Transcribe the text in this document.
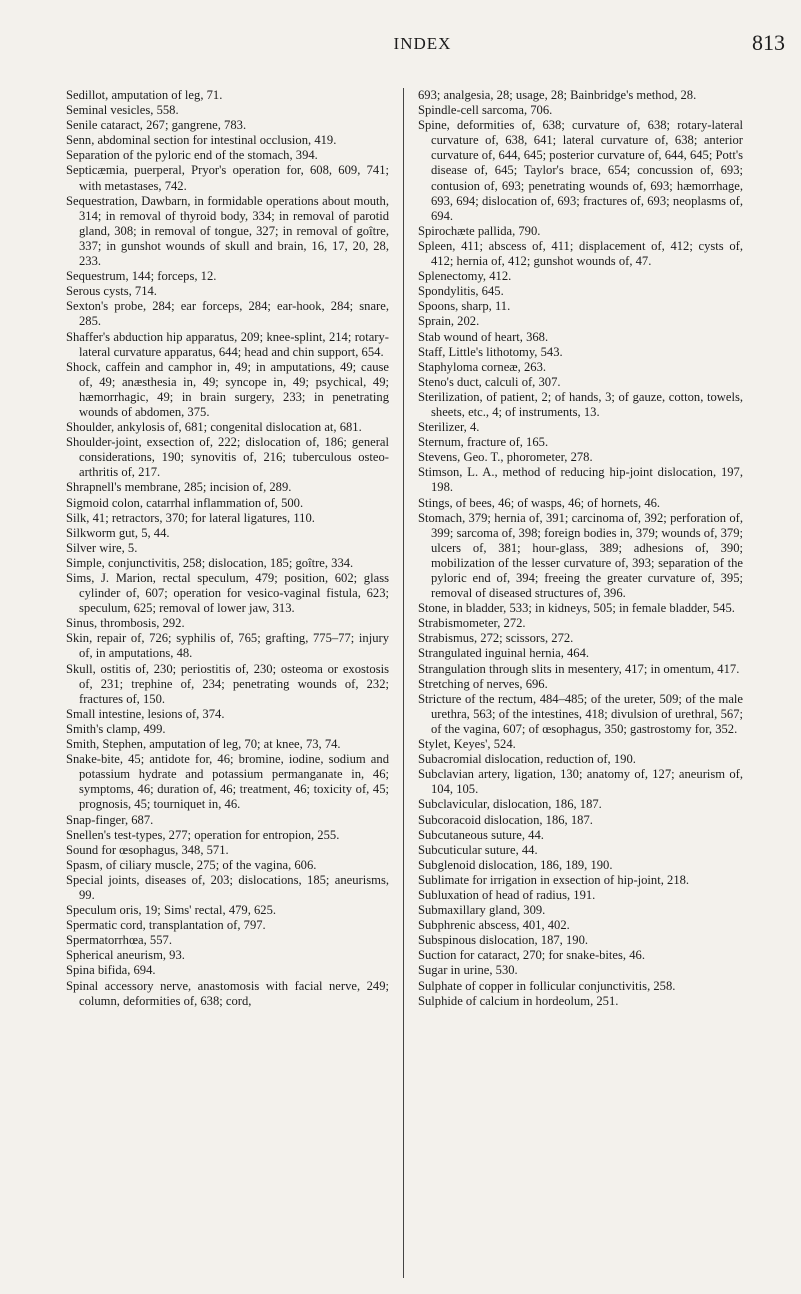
INDEX	813

Sedillot, amputation of leg, 71.

Seminal vesicles, 558.

Senile cataract, 267; gangrene, 783.

Senn, abdominal section for intestinal occlusion, 419.

Separation of the pyloric end of the stomach, 394.

Septicæmia, puerperal, Pryor's operation for, 608, 609, 741; with metastases, 742.

Sequestration, Dawbarn, in formidable operations about mouth, 314; in removal of thyroid body, 334; in removal of parotid gland, 308; in removal of tongue, 327; in removal of goître, 337; in gunshot wounds of skull and brain, 16, 17, 20, 28, 233.

Sequestrum, 144; forceps, 12.

Serous cysts, 714.

Sexton's probe, 284; ear forceps, 284; ear-hook, 284; snare, 285.

Shaffer's abduction hip apparatus, 209; knee-splint, 214; rotary-lateral curvature apparatus, 644; head and chin support, 654.

Shock, caffein and camphor in, 49; in amputations, 49; cause of, 49; anæsthesia in, 49; syncope in, 49; psychical, 49; hæmorrhagic, 49; in brain surgery, 233; in penetrating wounds of abdomen, 375.

Shoulder, ankylosis of, 681; congenital dislocation at, 681.

Shoulder-joint, exsection of, 222; dislocation of, 186; general considerations, 190; synovitis of, 216; tuberculous osteo-arthritis of, 217.

Shrapnell's membrane, 285; incision of, 289.

Sigmoid colon, catarrhal inflammation of, 500.

Silk, 41; retractors, 370; for lateral ligatures, 110.

Silkworm gut, 5, 44.

Silver wire, 5.

Simple, conjunctivitis, 258; dislocation, 185; goître, 334.

Sims, J. Marion, rectal speculum, 479; position, 602; glass cylinder of, 607; operation for vesico-vaginal fistula, 623; speculum, 625; removal of lower jaw, 313.

Sinus, thrombosis, 292.

Skin, repair of, 726; syphilis of, 765; grafting, 775–77; injury of, in amputations, 48.

Skull, ostitis of, 230; periostitis of, 230; osteoma or exostosis of, 231; trephine of, 234; penetrating wounds of, 232; fractures of, 150.

Small intestine, lesions of, 374.

Smith's clamp, 499.

Smith, Stephen, amputation of leg, 70; at knee, 73, 74.

Snake-bite, 45; antidote for, 46; bromine, iodine, sodium and potassium hydrate and potassium permanganate in, 46; symptoms, 46; duration of, 46; treatment, 46; toxicity of, 45; prognosis, 45; tourniquet in, 46.

Snap-finger, 687.

Snellen's test-types, 277; operation for entropion, 255.

Sound for œsophagus, 348, 571.

Spasm, of ciliary muscle, 275; of the vagina, 606.

Special joints, diseases of, 203; dislocations, 185; aneurisms, 99.

Speculum oris, 19; Sims' rectal, 479, 625.

Spermatic cord, transplantation of, 797.

Spermatorrhœa, 557.

Spherical aneurism, 93.

Spina bifida, 694.

Spinal accessory nerve, anastomosis with facial nerve, 249; column, deformities of, 638; cord,

693; analgesia, 28; usage, 28; Bainbridge's method, 28.

Spindle-cell sarcoma, 706.

Spine, deformities of, 638; curvature of, 638; rotary-lateral curvature of, 638, 641; lateral curvature of, 638; anterior curvature of, 644, 645; posterior curvature of, 644, 645; Pott's disease of, 645; Taylor's brace, 654; concussion of, 693; contusion of, 693; penetrating wounds of, 693; hæmorrhage, 693, 694; dislocation of, 693; fractures of, 693; neoplasms of, 694.

Spirochæte pallida, 790.

Spleen, 411; abscess of, 411; displacement of, 412; cysts of, 412; hernia of, 412; gunshot wounds of, 47.

Splenectomy, 412.

Spondylitis, 645.

Spoons, sharp, 11.

Sprain, 202.

Stab wound of heart, 368.

Staff, Little's lithotomy, 543.

Staphyloma corneæ, 263.

Steno's duct, calculi of, 307.

Sterilization, of patient, 2; of hands, 3; of gauze, cotton, towels, sheets, etc., 4; of instruments, 13.

Sterilizer, 4.

Sternum, fracture of, 165.

Stevens, Geo. T., phorometer, 278.

Stimson, L. A., method of reducing hip-joint dislocation, 197, 198.

Stings, of bees, 46; of wasps, 46; of hornets, 46.

Stomach, 379; hernia of, 391; carcinoma of, 392; perforation of, 399; sarcoma of, 398; foreign bodies in, 379; wounds of, 379; ulcers of, 381; hour-glass, 389; adhesions of, 390; mobilization of the lesser curvature of, 393; separation of the pyloric end of, 394; freeing the greater curvature of, 395; removal of diseased structures of, 396.

Stone, in bladder, 533; in kidneys, 505; in female bladder, 545.

Strabismometer, 272.

Strabismus, 272; scissors, 272.

Strangulated inguinal hernia, 464.

Strangulation through slits in mesentery, 417; in omentum, 417.

Stretching of nerves, 696.

Stricture of the rectum, 484–485; of the ureter, 509; of the male urethra, 563; of the intestines, 418; divulsion of urethral, 567; of the vagina, 607; of œsophagus, 350; gastrostomy for, 352.

Stylet, Keyes', 524.

Subacromial dislocation, reduction of, 190.

Subclavian artery, ligation, 130; anatomy of, 127; aneurism of, 104, 105.

Subclavicular, dislocation, 186, 187.

Subcoracoid dislocation, 186, 187.

Subcutaneous suture, 44.

Subcuticular suture, 44.

Subglenoid dislocation, 186, 189, 190.

Sublimate for irrigation in exsection of hip-joint, 218.

Subluxation of head of radius, 191.

Submaxillary gland, 309.

Subphrenic abscess, 401, 402.

Subspinous dislocation, 187, 190.

Suction for cataract, 270; for snake-bites, 46.

Sugar in urine, 530.

Sulphate of copper in follicular conjunctivitis, 258.

Sulphide of calcium in hordeolum, 251.
